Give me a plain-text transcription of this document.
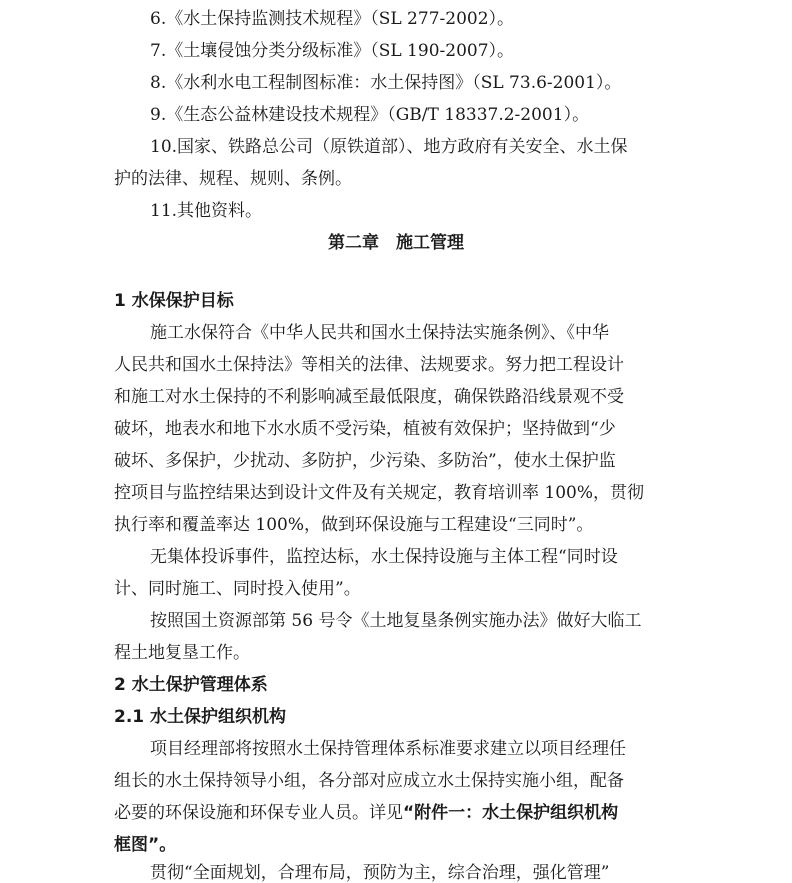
6.《水土保持监测技术规程》（SL 277-2002）。
7.《土壤侵蚀分类分级标准》（SL 190-2007）。
8.《水利水电工程制图标准：水土保持图》（SL 73.6-2001）。
9.《生态公益林建设技术规程》（GB/T 18337.2-2001）。
10.国家、铁路总公司（原铁道部）、地方政府有关安全、水土保
护的法律、规程、规则、条例。
11.其他资料。
第二章　施工管理
1 水保保护目标
施工水保符合《中华人民共和国水土保持法实施条例》、《中华
人民共和国水土保持法》等相关的法律、法规要求。努力把工程设计
和施工对水土保持的不利影响减至最低限度，确保铁路沿线景观不受
破坏，地表水和地下水水质不受污染，植被有效保护；坚持做到“少
破坏、多保护，少扰动、多防护，少污染、多防治”，使水土保护监
控项目与监控结果达到设计文件及有关规定，教育培训率 100%，贯彻
执行率和覆盖率达 100%，做到环保设施与工程建设“三同时”。
无集体投诉事件，监控达标，水土保持设施与主体工程“同时设
计、同时施工、同时投入使用”。
按照国土资源部第 56 号令《土地复垦条例实施办法》做好大临工
程土地复垦工作。
2 水土保护管理体系
2.1 水土保护组织机构
项目经理部将按照水土保持管理体系标准要求建立以项目经理任
组长的水土保持领导小组，各分部对应成立水土保持实施小组，配备
必要的环保设施和环保专业人员。详见“附件一：水土保护组织机构
框图”。
贯彻“全面规划，合理布局，预防为主，综合治理，强化管理”
